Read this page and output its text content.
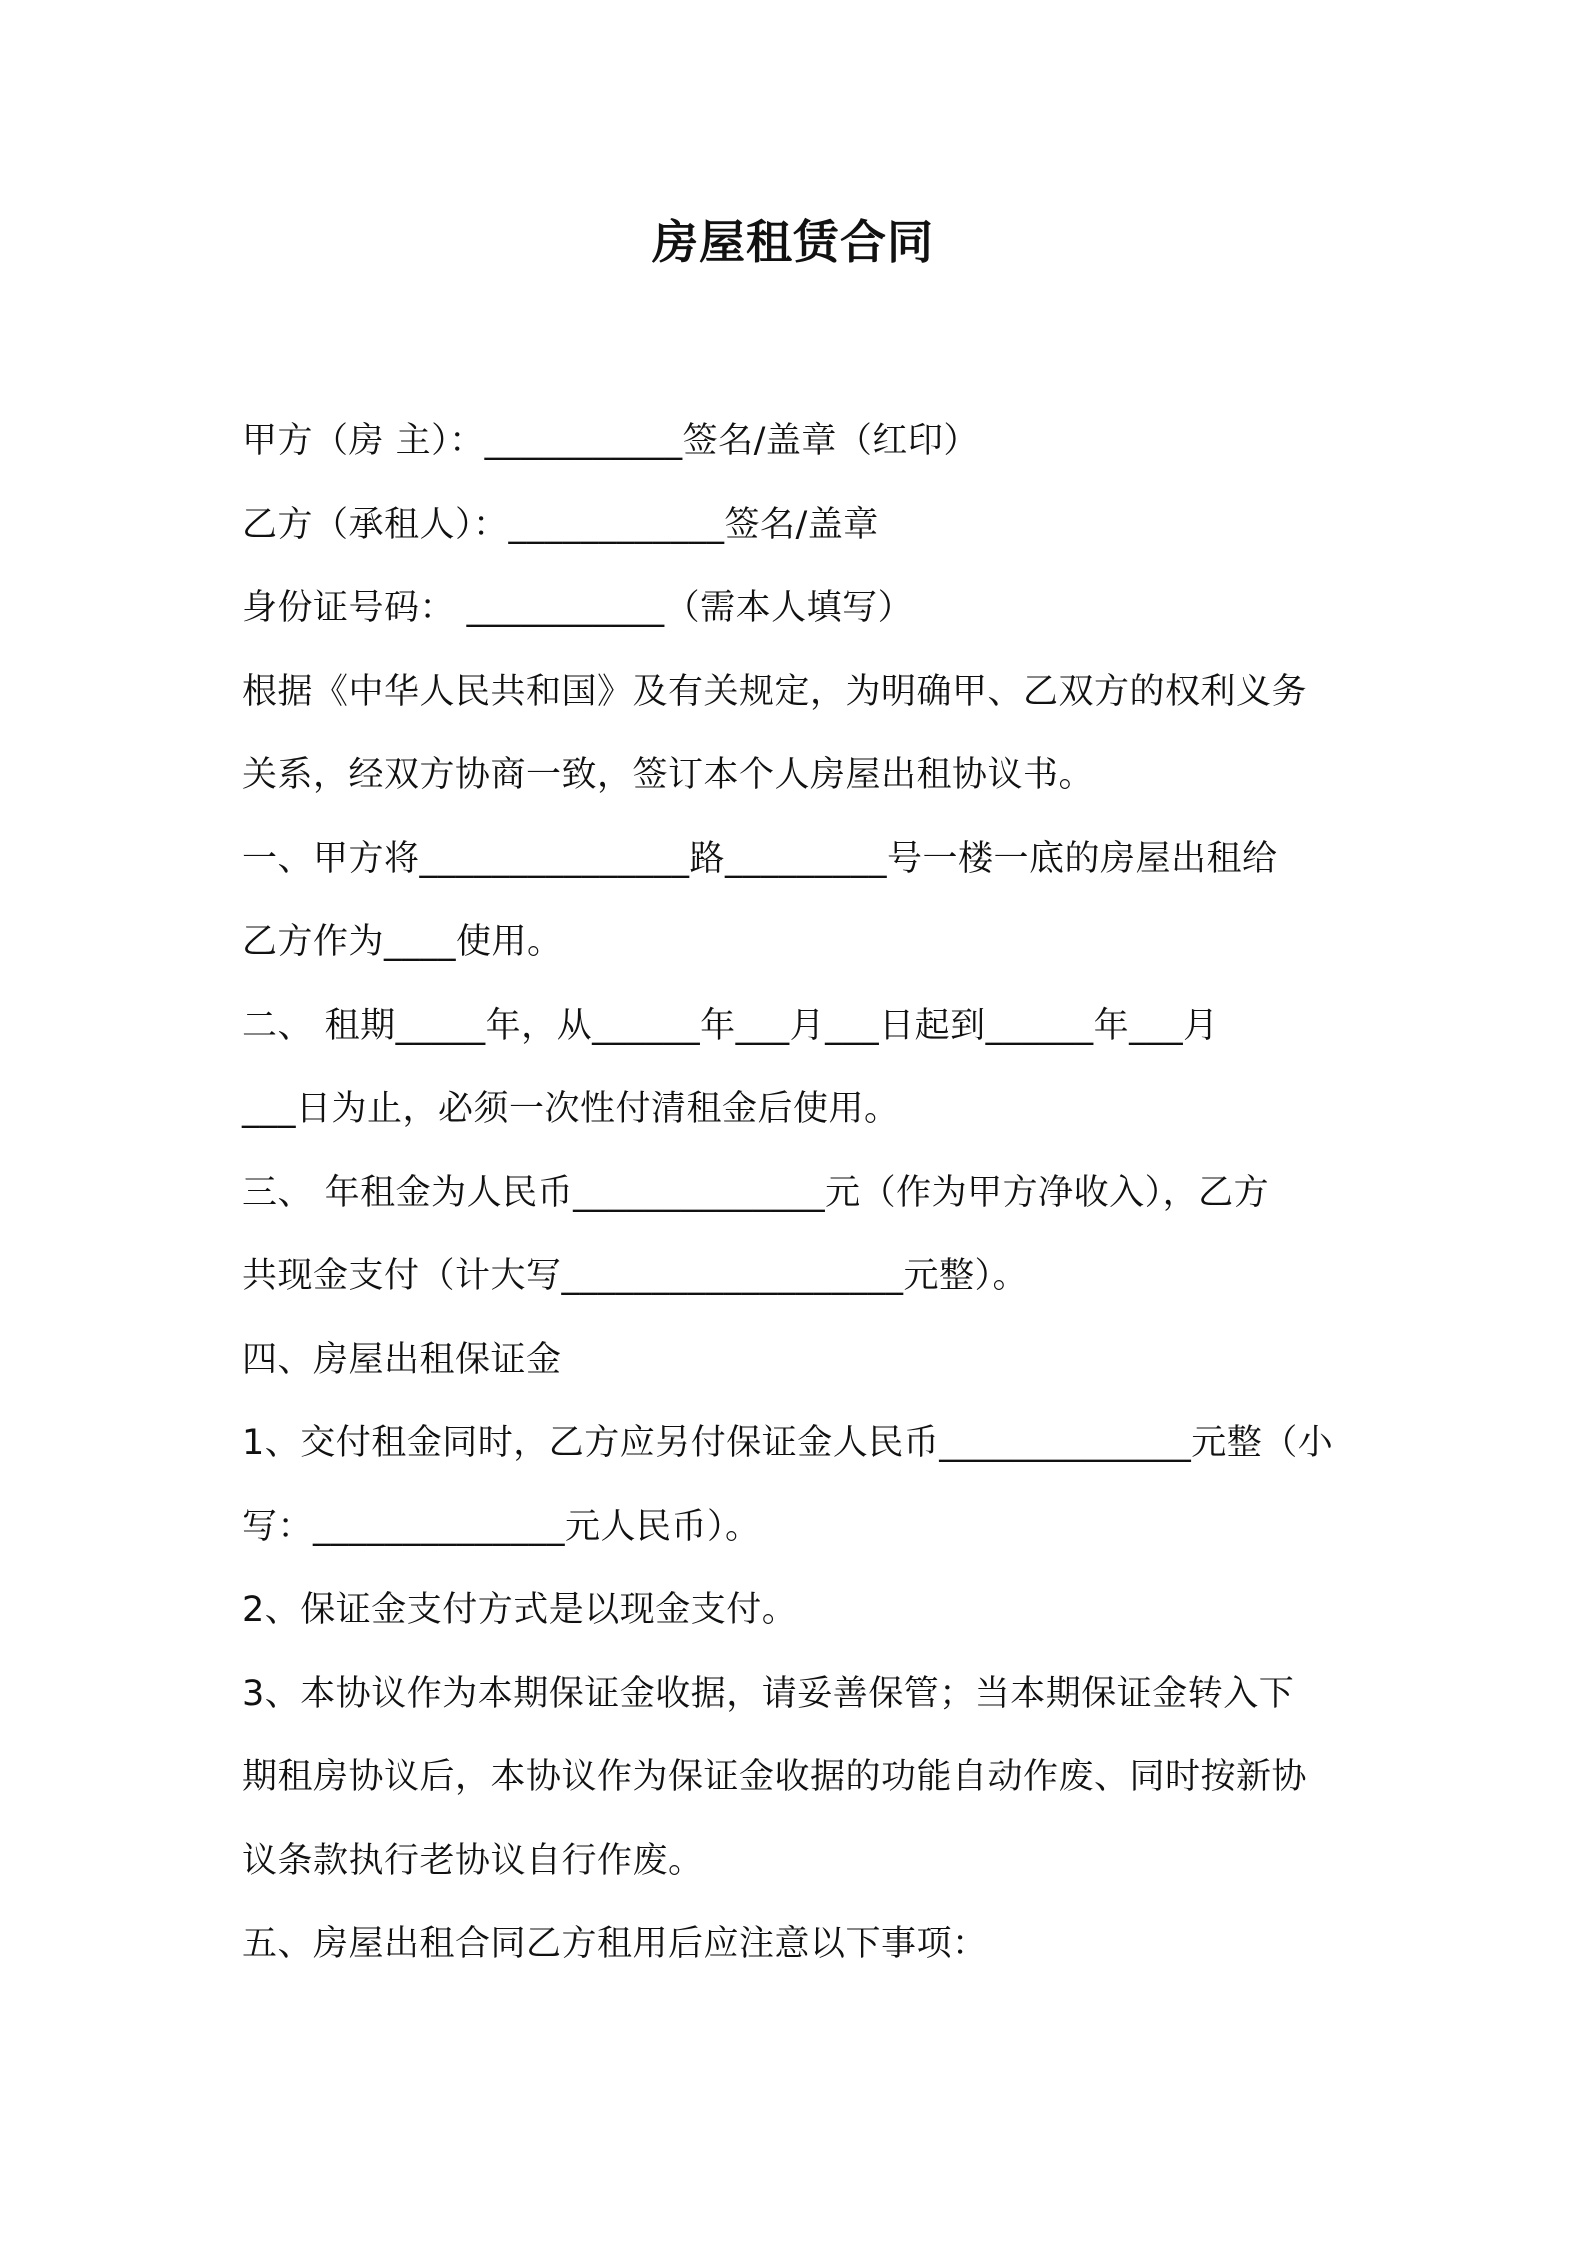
房屋租赁合同
甲方（房 主）：___________签名/盖章（红印）
乙方（承租人）：____________签名/盖章
身份证号码： ___________（需本人填写）
根据《中华人民共和国》及有关规定，为明确甲、乙双方的权利义务
关系，经双方协商一致，签订本个人房屋出租协议书。
一、甲方将_______________路_________号一楼一底的房屋出租给
乙方作为____使用。
二、 租期_____年，从______年___月___日起到______年___月
___日为止，必须一次性付清租金后使用。
三、 年租金为人民币______________元（作为甲方净收入），乙方
共现金支付（计大写___________________元整）。
四、房屋出租保证金
1、交付租金同时，乙方应另付保证金人民币______________元整（小
写：______________元人民币）。
2、保证金支付方式是以现金支付。
3、本协议作为本期保证金收据，请妥善保管；当本期保证金转入下
期租房协议后，本协议作为保证金收据的功能自动作废、同时按新协
议条款执行老协议自行作废。
五、房屋出租合同乙方租用后应注意以下事项：
